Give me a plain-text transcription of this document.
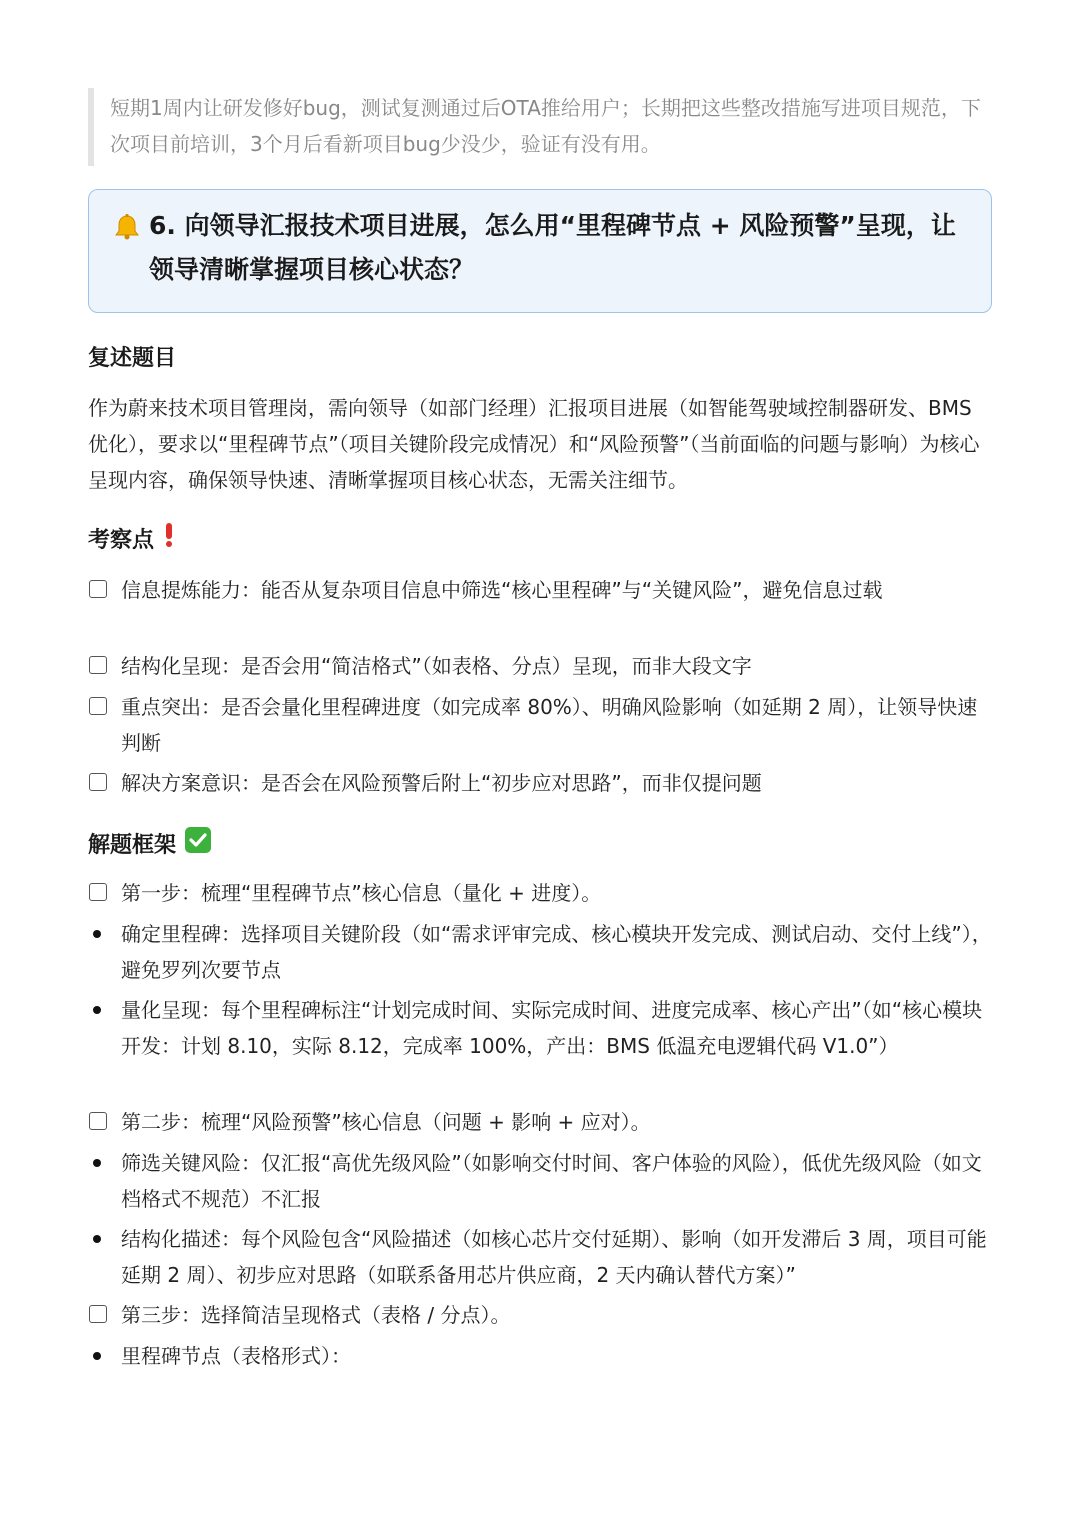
短期1周内让研发修好bug，测试复测通过后OTA推给用户；长期把这些整改措施写进项目规范，下次项目前培训，3个月后看新项目bug少没少，验证有没有用。
6. 向领导汇报技术项目进展，怎么用“里程碑节点 + 风险预警”呈现，让领导清晰掌握项目核心状态？
复述题目
作为蔚来技术项目管理岗，需向领导（如部门经理）汇报项目进展（如智能驾驶域控制器研发、BMS 优化），要求以“里程碑节点”（项目关键阶段完成情况）和“风险预警”（当前面临的问题与影响）为核心呈现内容，确保领导快速、清晰掌握项目核心状态，无需关注细节。
考察点
信息提炼能力：能否从复杂项目信息中筛选“核心里程碑”与“关键风险”，避免信息过载
结构化呈现：是否会用“简洁格式”（如表格、分点）呈现，而非大段文字
重点突出：是否会量化里程碑进度（如完成率 80%）、明确风险影响（如延期 2 周），让领导快速判断
解决方案意识：是否会在风险预警后附上“初步应对思路”，而非仅提问题
解题框架
第一步：梳理“里程碑节点”核心信息（量化 + 进度）。
确定里程碑：选择项目关键阶段（如“需求评审完成、核心模块开发完成、测试启动、交付上线”），避免罗列次要节点
量化呈现：每个里程碑标注“计划完成时间、实际完成时间、进度完成率、核心产出”（如“核心模块开发：计划 8.10，实际 8.12，完成率 100%，产出：BMS 低温充电逻辑代码 V1.0”）
第二步：梳理“风险预警”核心信息（问题 + 影响 + 应对）。
筛选关键风险：仅汇报“高优先级风险”（如影响交付时间、客户体验的风险），低优先级风险（如文档格式不规范）不汇报
结构化描述：每个风险包含“风险描述（如核心芯片交付延期）、影响（如开发滞后 3 周，项目可能延期 2 周）、初步应对思路（如联系备用芯片供应商，2 天内确认替代方案）”
第三步：选择简洁呈现格式（表格 / 分点）。
里程碑节点（表格形式）：
